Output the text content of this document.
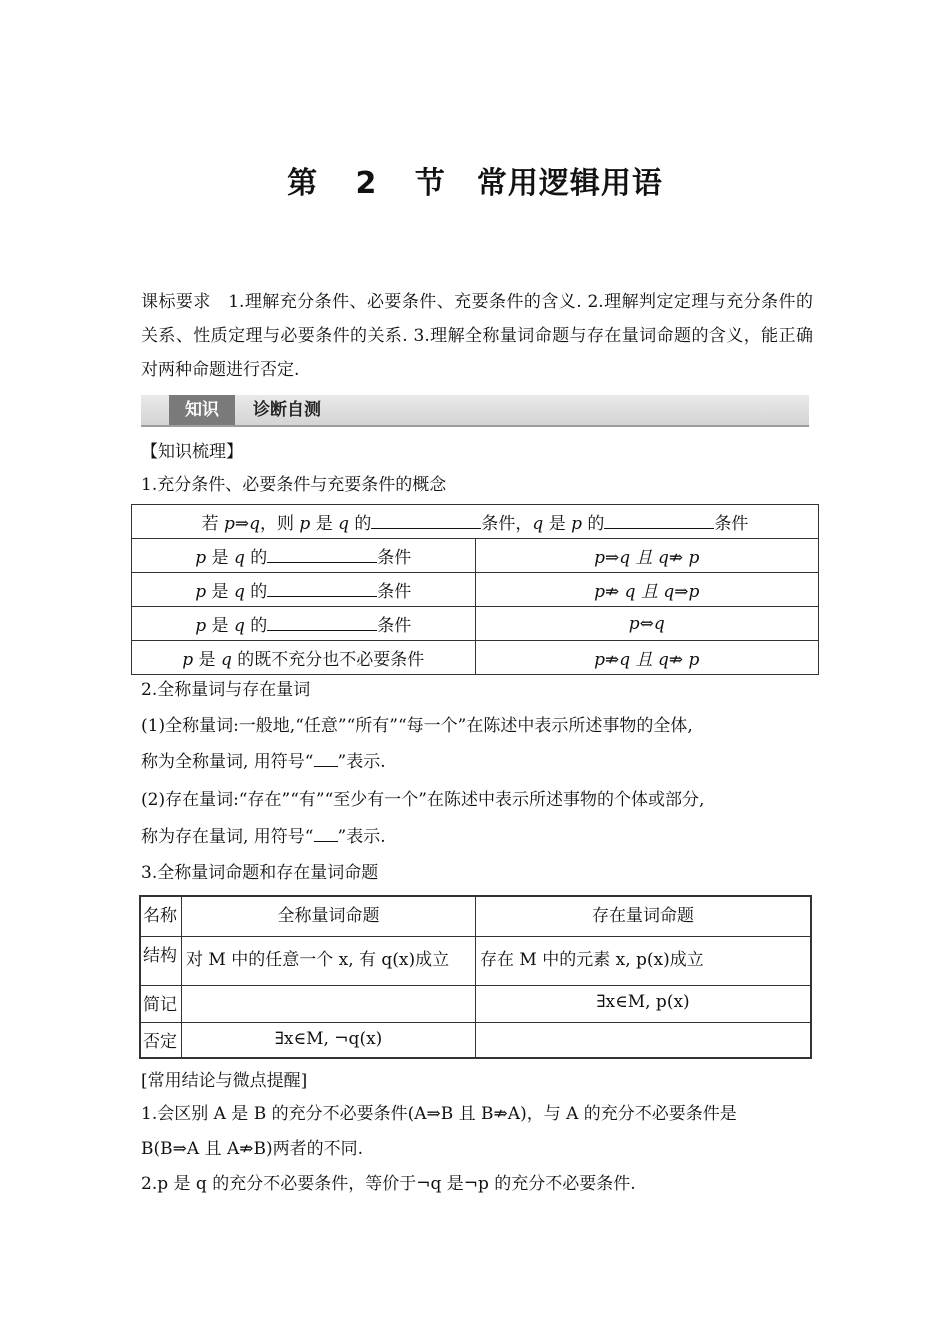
第 2 节　常用逻辑用语

课标要求　1.理解充分条件、必要条件、充要条件的含义. 2.理解判定定理与充分条件的关系、性质定理与必要条件的关系. 3.理解全称量词命题与存在量词命题的含义，能正确对两种命题进行否定.

知识	诊断自测

【知识梳理】

1.充分条件、必要条件与充要条件的概念

若 p⇒q，则 p 是 q 的 条件，q 是 p 的 条件	
p 是 q 的 条件	p⇒q 且 q⇏ p
p 是 q 的 条件	p⇏ q 且 q⇒p
p 是 q 的 条件	p⇔q
p 是 q 的既不充分也不必要条件	p⇏q 且 q⇏ p

2.全称量词与存在量词

(1)全称量词:一般地,“任意”“所有”“每一个”在陈述中表示所述事物的全体,

称为全称量词, 用符号“ ”表示.

(2)存在量词:“存在”“有”“至少有一个”在陈述中表示所述事物的个体或部分,

称为存在量词, 用符号“ ”表示.

3.全称量词命题和存在量词命题

名称	全称量词命题	存在量词命题
结构	对 M 中的任意一个 x, 有 q(x)成立	存在 M 中的元素 x, p(x)成立
简记		∃x∈M, p(x)
否定	∃x∈M, ¬q(x)	

[常用结论与微点提醒]

1.会区别 A 是 B 的充分不必要条件(A⇒B 且 B⇏A)，与 A 的充分不必要条件是

B(B⇒A 且 A⇏B)两者的不同.

2.p 是 q 的充分不必要条件，等价于¬q 是¬p 的充分不必要条件.
